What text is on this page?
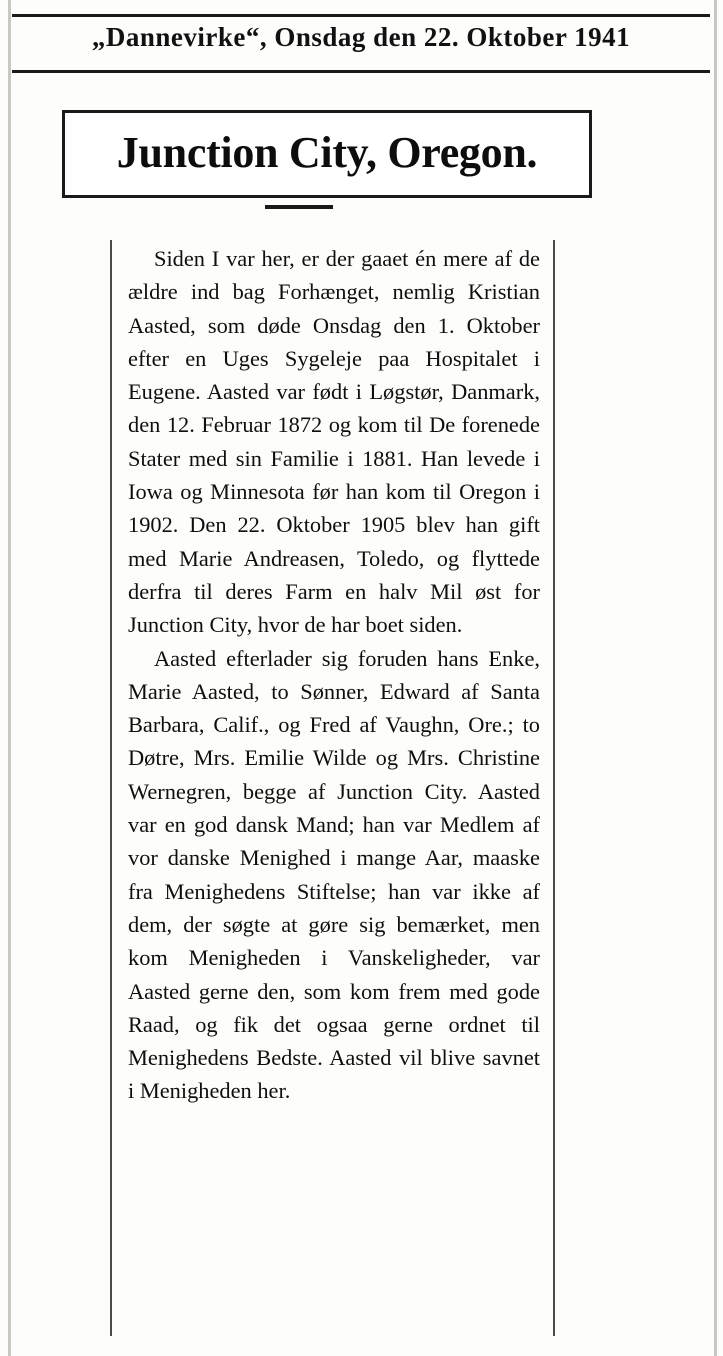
„Dannevirke“, Onsdag den 22. Oktober 1941
Junction City, Oregon.

Siden I var her, er der gaaet én mere af de ældre ind bag Forhænget, nemlig Kristian Aasted, som døde Onsdag den 1. Oktober efter en Uges Sygeleje paa Hospitalet i Eugene. Aasted var født i Løgstør, Danmark, den 12. Februar 1872 og kom til De forenede Stater med sin Familie i 1881. Han levede i Iowa og Minnesota før han kom til Oregon i 1902. Den 22. Oktober 1905 blev han gift med Marie Andreasen, Toledo, og flyttede derfra til deres Farm en halv Mil øst for Junction City, hvor de har boet siden.

Aasted efterlader sig foruden hans Enke, Marie Aasted, to Sønner, Edward af Santa Barbara, Calif., og Fred af Vaughn, Ore.; to Døtre, Mrs. Emilie Wilde og Mrs. Christine Wernegren, begge af Junction City. Aasted var en god dansk Mand; han var Medlem af vor danske Menighed i mange Aar, maaske fra Menighedens Stiftelse; han var ikke af dem, der søgte at gøre sig bemærket, men kom Menigheden i Vanskeligheder, var Aasted gerne den, som kom frem med gode Raad, og fik det ogsaa gerne ordnet til Menighedens Bedste. Aasted vil blive savnet i Menigheden her.
